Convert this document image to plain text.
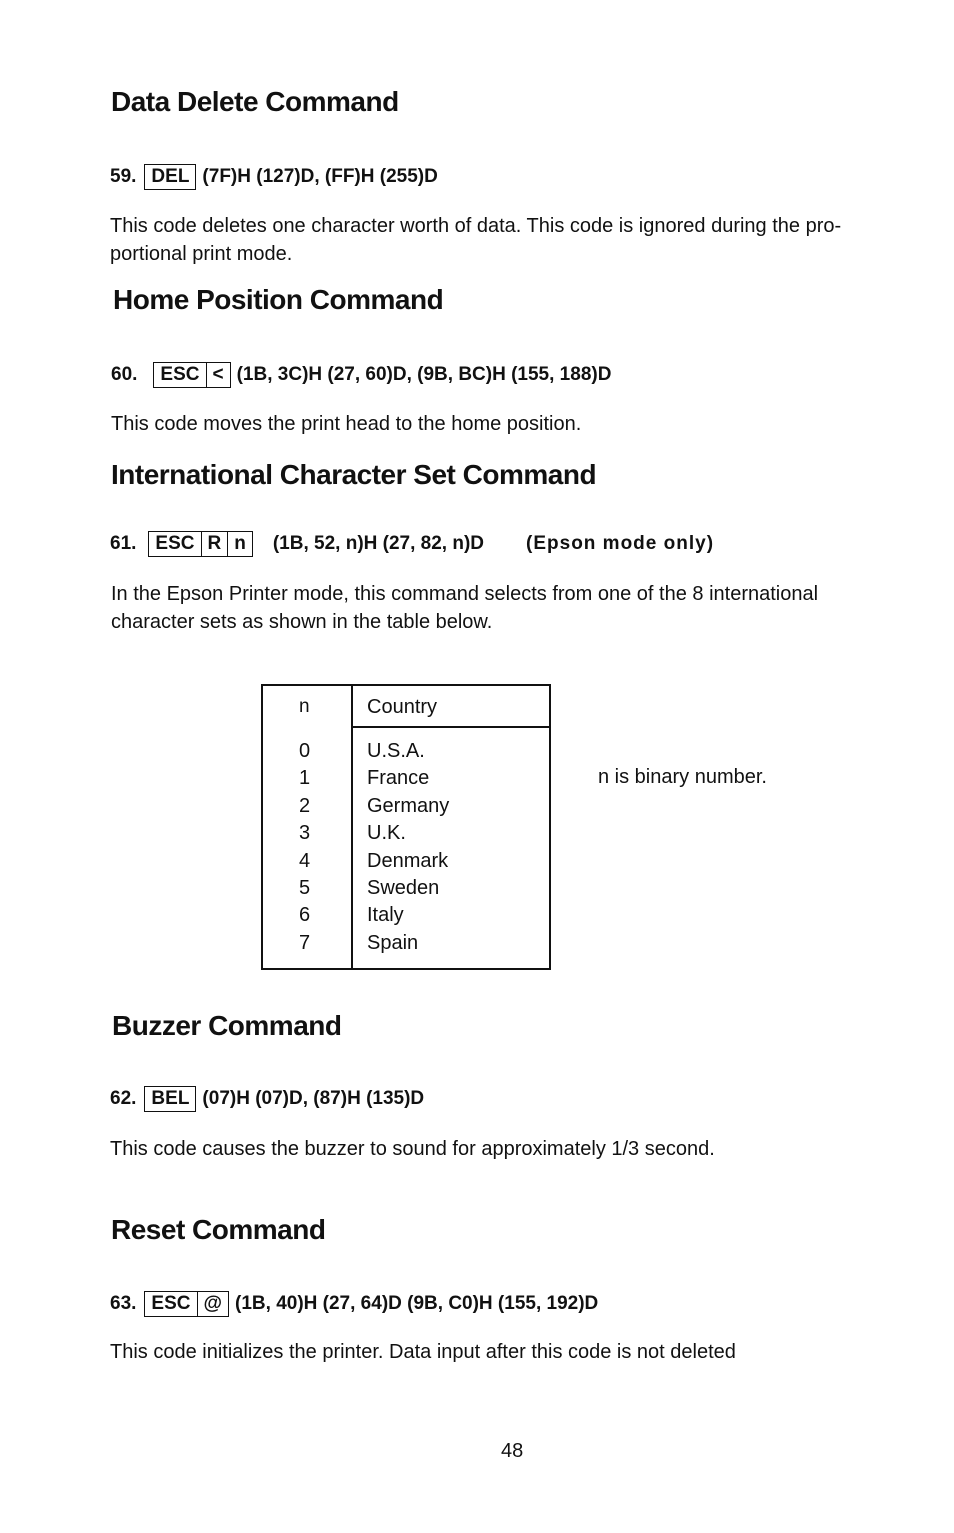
Data Delete Command
59. DEL (7F)H (127)D, (FF)H (255)D
This code deletes one character worth of data. This code is ignored during the pro-
portional print mode.
Home Position Command
60.	ESC < (1B, 3C)H (27, 60)D, (9B, BC)H (155, 188)D
This code moves the print head to the home position.
International Character Set Command
61.	ESC R n	(1B, 52, n)H (27, 82, n)D (Epson mode only)
In the Epson Printer mode, this command selects from one of the 8 international
character sets as shown in the table below.
n	Country
0	U.S.A.
1	France
2	Germany
3	U.K.
4	Denmark
5	Sweden
6	Italy
7	Spain
n is binary number.
Buzzer Command
62. BEL (07)H (07)D, (87)H (135)D
This code causes the buzzer to sound for approximately 1/3 second.
Reset Command
63. ESC @ (1B, 40)H (27, 64)D (9B, C0)H (155, 192)D
This code initializes the printer. Data input after this code is not deleted
48
